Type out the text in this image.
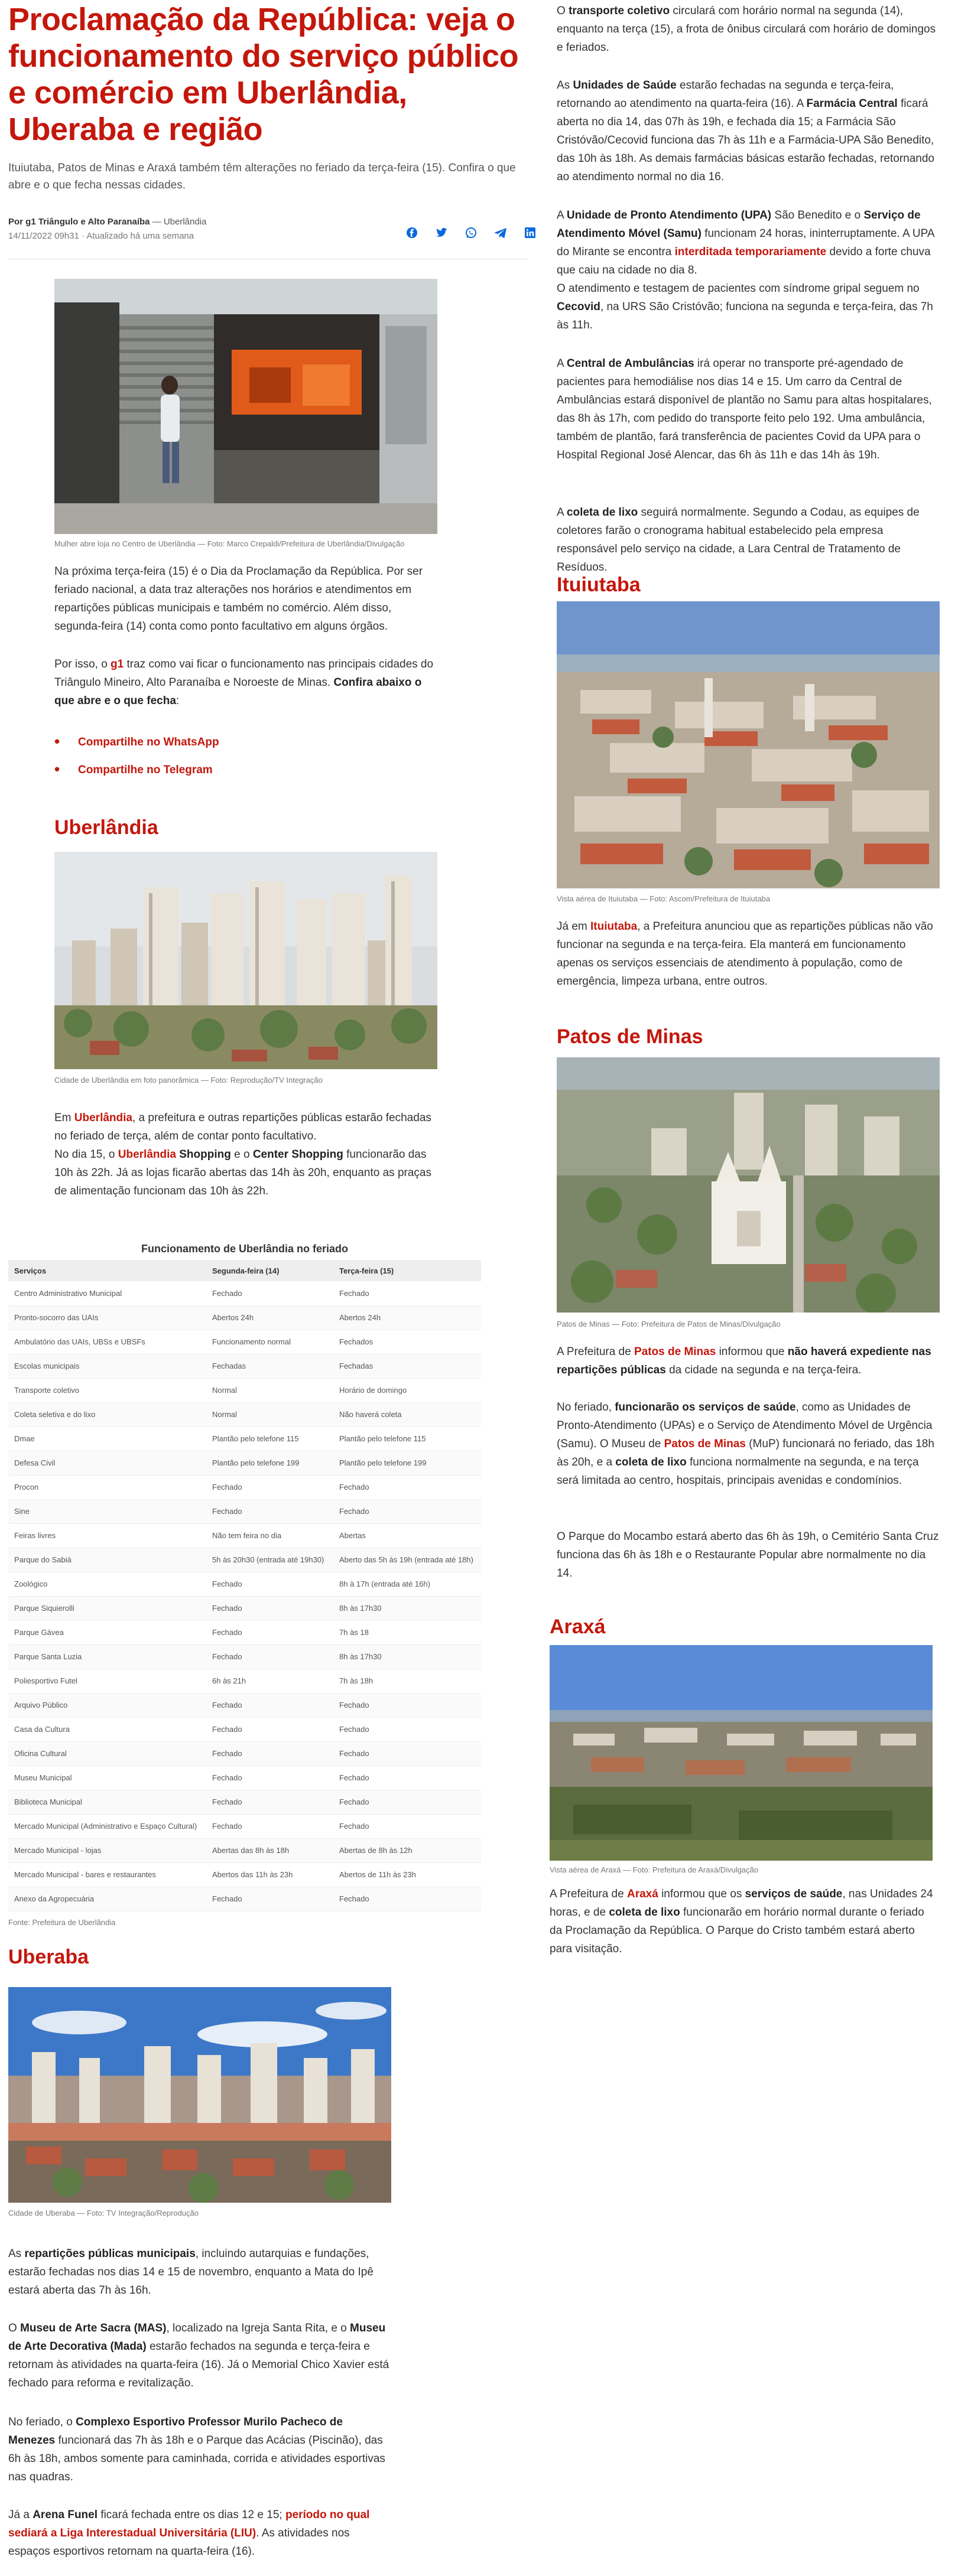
Proclamação da República: veja o funcionamento do serviço público e comércio em Uberlândia, Uberaba e região

Ituiutaba, Patos de Minas e Araxá também têm alterações no feriado da terça-feira (15). Confira o que abre e o que fecha nessas cidades.

Por g1 Triângulo e Alto Paranaíba — Uberlândia
14/11/2022 09h31 · Atualizado há uma semana

Mulher abre loja no Centro de Uberlândia — Foto: Marco Crepaldi/Prefeitura de Uberlândia/Divulgação

Na próxima terça-feira (15) é o Dia da Proclamação da República. Por ser feriado nacional, a data traz alterações nos horários e atendimentos em repartições públicas municipais e também no comércio. Além disso, segunda-feira (14) conta como ponto facultativo em alguns órgãos.

Por isso, o g1 traz como vai ficar o funcionamento nas principais cidades do Triângulo Mineiro, Alto Paranaíba e Noroeste de Minas. Confira abaixo o que abre e o que fecha:

• Compartilhe no WhatsApp
• Compartilhe no Telegram
Uberlândia

Cidade de Uberlândia em foto panorâmica — Foto: Reprodução/TV Integração

Em Uberlândia, a prefeitura e outras repartições públicas estarão fechadas no feriado de terça, além de contar ponto facultativo.
No dia 15, o Uberlândia Shopping e o Center Shopping funcionarão das 10h às 22h. Já as lojas ficarão abertas das 14h às 20h, enquanto as praças de alimentação funcionam das 10h às 22h.

Funcionamento de Uberlândia no feriado
Serviços	Segunda-feira (14)	Terça-feira (15)
Centro Administrativo Municipal	Fechado	Fechado
Pronto-socorro das UAIs	Abertos 24h	Abertos 24h
Ambulatório das UAIs, UBSs e UBSFs	Funcionamento normal	Fechados
Escolas municipais	Fechadas	Fechadas
Transporte coletivo	Normal	Horário de domingo
Coleta seletiva e do lixo	Normal	Não haverá coleta
Dmae	Plantão pelo telefone 115	Plantão pelo telefone 115
Defesa Civil	Plantão pelo telefone 199	Plantão pelo telefone 199
Procon	Fechado	Fechado
Sine	Fechado	Fechado
Feiras livres	Não tem feira no dia	Abertas
Parque do Sabiá	5h às 20h30 (entrada até 19h30)	Aberto das 5h às 19h (entrada até 18h)
Zoológico	Fechado	8h à 17h (entrada até 16h)
Parque Siquierolli	Fechado	8h às 17h30
Parque Gávea	Fechado	7h às 18
Parque Santa Luzia	Fechado	8h às 17h30
Poliesportivo Futel	6h às 21h	7h às 18h
Arquivo Público	Fechado	Fechado
Casa da Cultura	Fechado	Fechado
Oficina Cultural	Fechado	Fechado
Museu Municipal	Fechado	Fechado
Biblioteca Municipal	Fechado	Fechado
Mercado Municipal (Administrativo e Espaço Cultural)	Fechado	Fechado
Mercado Municipal - lojas	Abertas das 8h às 18h	Abertas de 8h às 12h
Mercado Municipal - bares e restaurantes	Abertos das 11h às 23h	Abertos de 11h às 23h
Anexo da Agropecuária	Fechado	Fechado

Fonte: Prefeitura de Uberlândia

Uberaba

Cidade de Uberaba — Foto: TV Integração/Reprodução

As repartições públicas municipais, incluindo autarquias e fundações, estarão fechadas nos dias 14 e 15 de novembro, enquanto a Mata do Ipê estará aberta das 7h às 16h.

O Museu de Arte Sacra (MAS), localizado na Igreja Santa Rita, e o Museu de Arte Decorativa (Mada) estarão fechados na segunda e terça-feira e retornam às atividades na quarta-feira (16). Já o Memorial Chico Xavier está fechado para reforma e revitalização.

No feriado, o Complexo Esportivo Professor Murilo Pacheco de Menezes funcionará das 7h às 18h e o Parque das Acácias (Piscinão), das 6h às 18h, ambos somente para caminhada, corrida e atividades esportivas nas quadras.

Já a Arena Funel ficará fechada entre os dias 12 e 15; período no qual sediará a Liga Interestadual Universitária (LIU). As atividades nos espaços esportivos retornam na quarta-feira (16).

O transporte coletivo circulará com horário normal na segunda (14), enquanto na terça (15), a frota de ônibus circulará com horário de domingos e feriados.

As Unidades de Saúde estarão fechadas na segunda e terça-feira, retornando ao atendimento na quarta-feira (16). A Farmácia Central ficará aberta no dia 14, das 07h às 19h, e fechada dia 15; a Farmácia São Cristóvão/Cecovid funciona das 7h às 11h e a Farmácia-UPA São Benedito, das 10h às 18h. As demais farmácias básicas estarão fechadas, retornando ao atendimento normal no dia 16.

A Unidade de Pronto Atendimento (UPA) São Benedito e o Serviço de Atendimento Móvel (Samu) funcionam 24 horas, ininterruptamente. A UPA do Mirante se encontra interditada temporariamente devido a forte chuva que caiu na cidade no dia 8.
O atendimento e testagem de pacientes com síndrome gripal seguem no Cecovid, na URS São Cristóvão; funciona na segunda e terça-feira, das 7h às 11h.

A Central de Ambulâncias irá operar no transporte pré-agendado de pacientes para hemodiálise nos dias 14 e 15. Um carro da Central de Ambulâncias estará disponível de plantão no Samu para altas hospitalares, das 8h às 17h, com pedido do transporte feito pelo 192. Uma ambulância, também de plantão, fará transferência de pacientes Covid da UPA para o Hospital Regional José Alencar, das 6h às 11h e das 14h às 19h.

A coleta de lixo seguirá normalmente. Segundo a Codau, as equipes de coletores farão o cronograma habitual estabelecido pela empresa responsável pelo serviço na cidade, a Lara Central de Tratamento de Resíduos.

Ituiutaba

Vista aérea de Ituiutaba — Foto: Ascom/Prefeitura de Ituiutaba

Já em Ituiutaba, a Prefeitura anunciou que as repartições públicas não vão funcionar na segunda e na terça-feira. Ela manterá em funcionamento apenas os serviços essenciais de atendimento à população, como de emergência, limpeza urbana, entre outros.

Patos de Minas

Patos de Minas — Foto: Prefeitura de Patos de Minas/Divulgação

A Prefeitura de Patos de Minas informou que não haverá expediente nas repartições públicas da cidade na segunda e na terça-feira.

No feriado, funcionarão os serviços de saúde, como as Unidades de Pronto-Atendimento (UPAs) e o Serviço de Atendimento Móvel de Urgência (Samu). O Museu de Patos de Minas (MuP) funcionará no feriado, das 18h às 20h, e a coleta de lixo funciona normalmente na segunda, e na terça será limitada ao centro, hospitais, principais avenidas e condomínios.

O Parque do Mocambo estará aberto das 6h às 19h, o Cemitério Santa Cruz funciona das 6h às 18h e o Restaurante Popular abre normalmente no dia 14.

Araxá

Vista aérea de Araxá — Foto: Prefeitura de Araxá/Divulgação

A Prefeitura de Araxá informou que os serviços de saúde, nas Unidades 24 horas, e de coleta de lixo funcionarão em horário normal durante o feriado da Proclamação da República. O Parque do Cristo também estará aberto para visitação.
